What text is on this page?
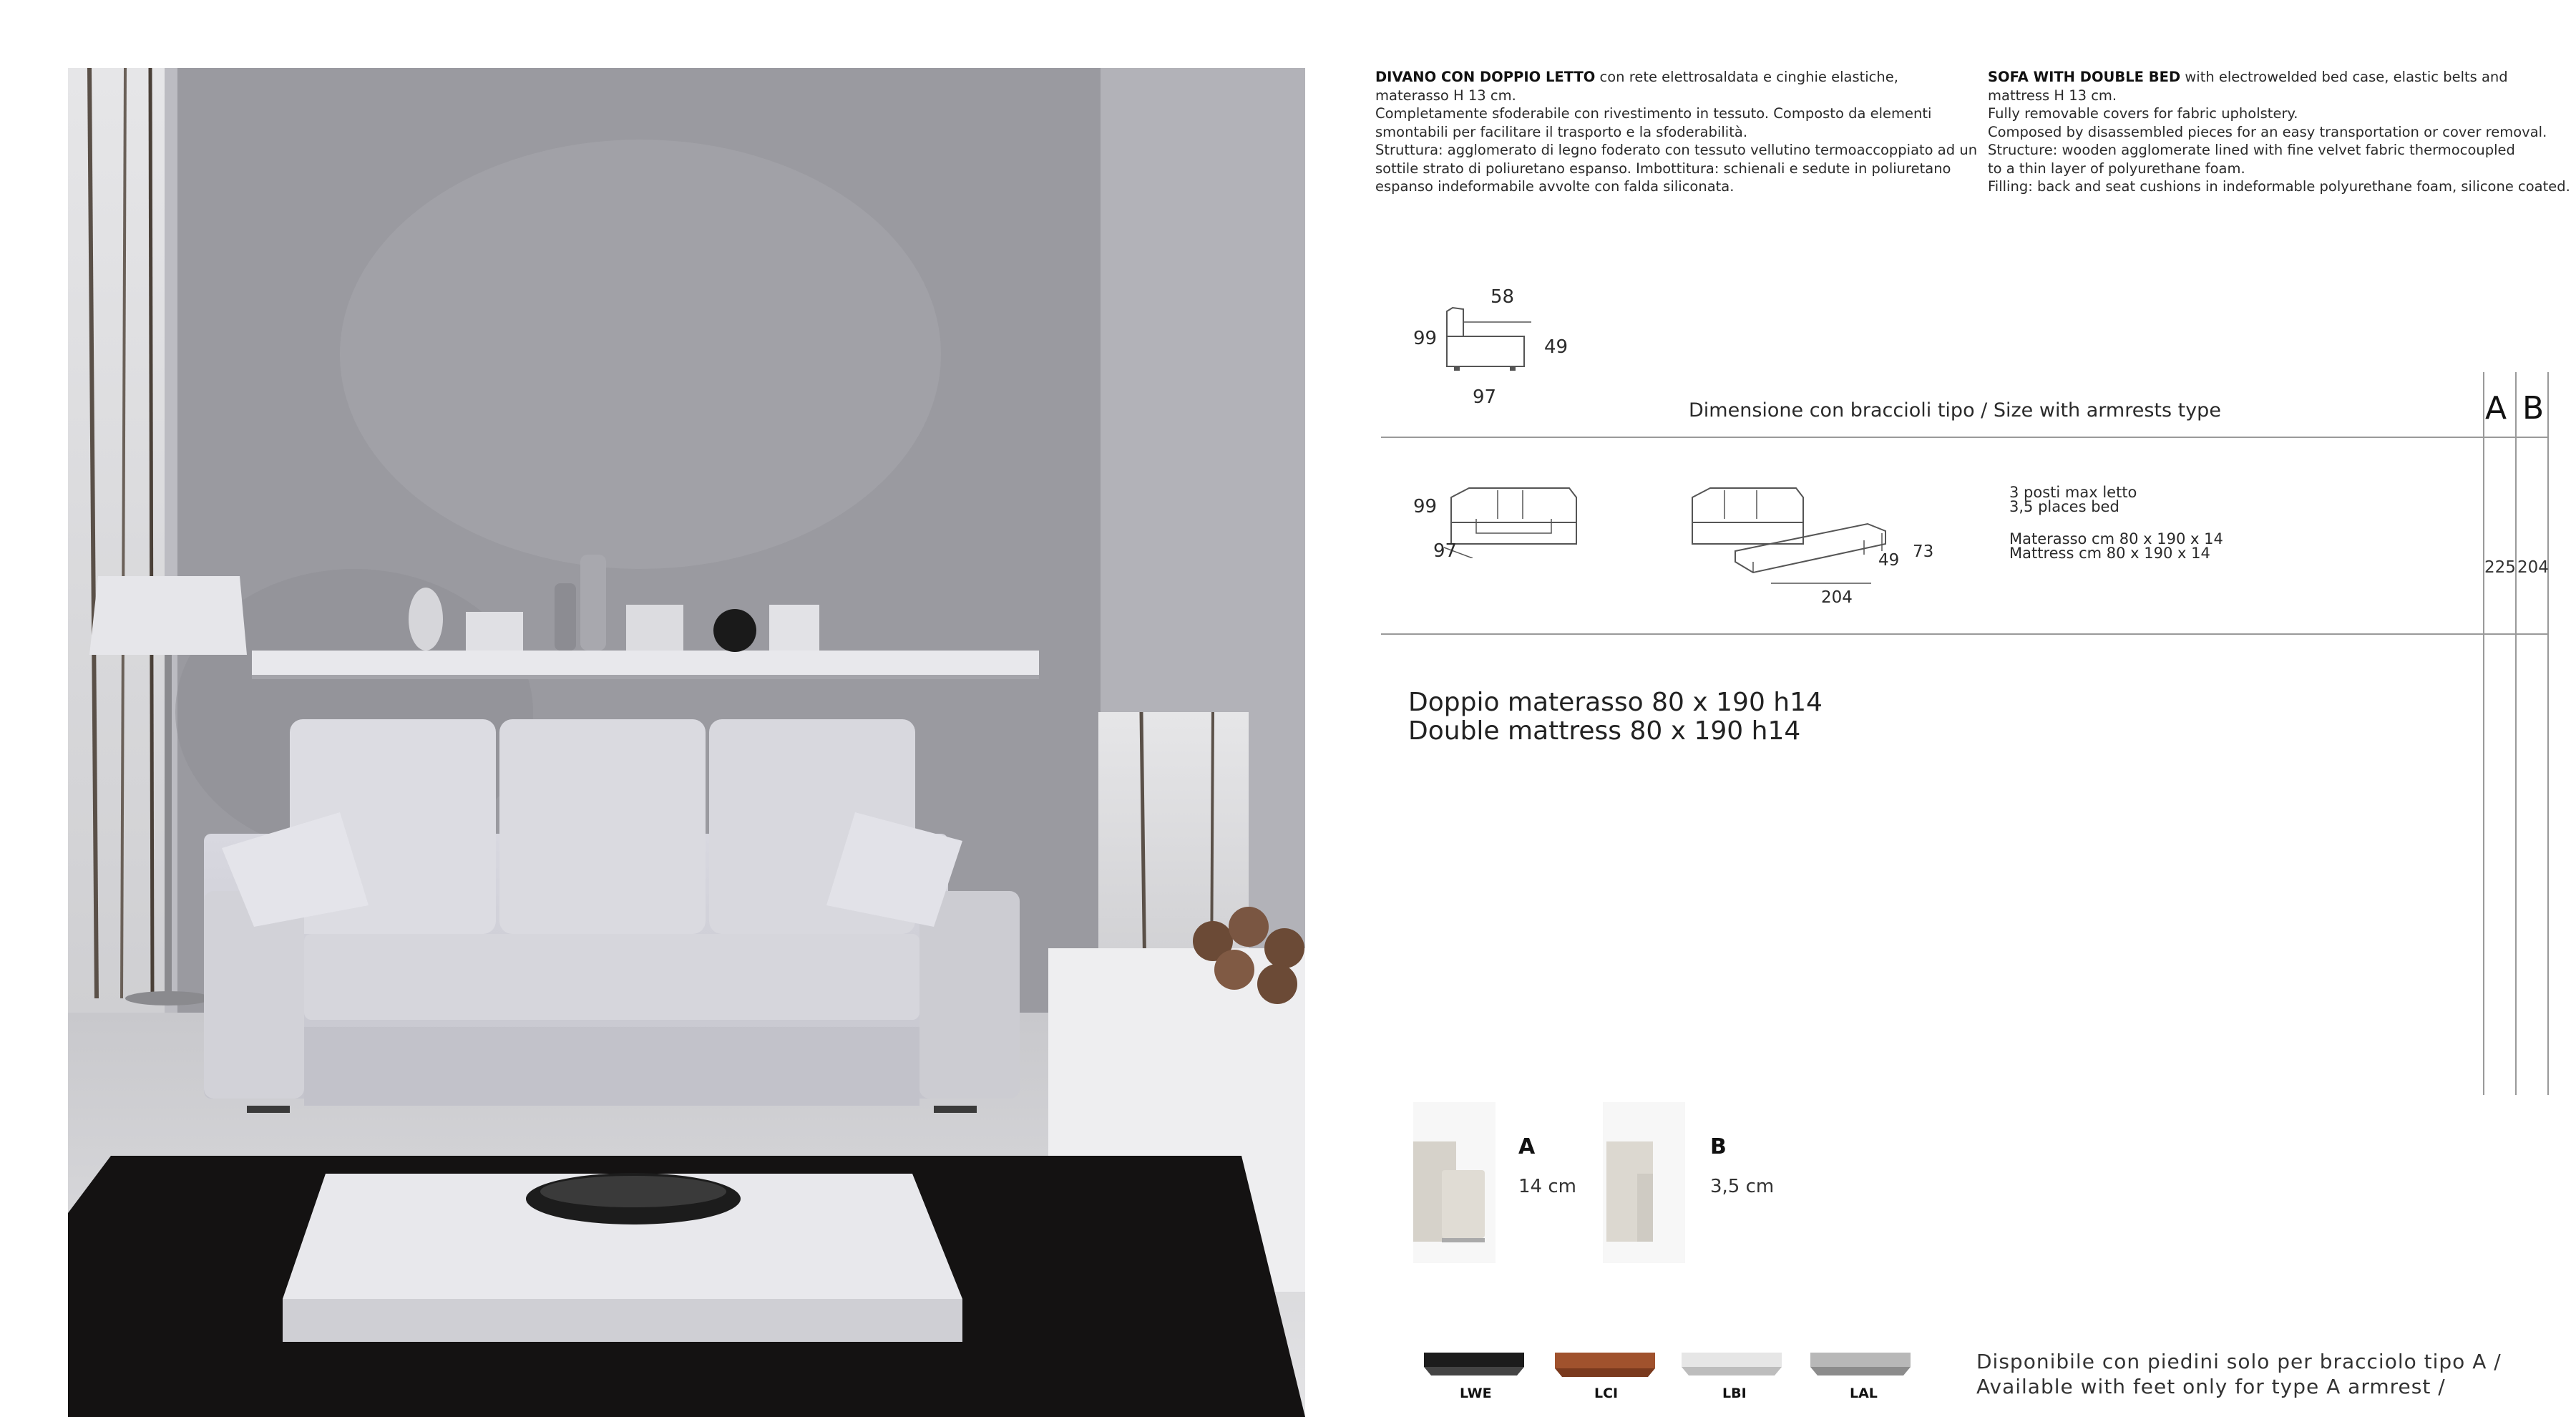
DIVANO CON DOPPIO LETTO con rete elettrosaldata e cinghie elastiche,
materasso H 13 cm.
Completamente sfoderabile con rivestimento in tessuto. Composto da elementi
smontabili per facilitare il trasporto e la sfoderabilità.
Struttura: agglomerato di legno foderato con tessuto vellutino termoaccoppiato ad un
sottile strato di poliuretano espanso. Imbottitura: schienali e sedute in poliuretano
espanso indeformabile avvolte con falda siliconata.
SOFA WITH DOUBLE BED with electrowelded bed case, elastic belts and
mattress H 13 cm.
Fully removable covers for fabric upholstery.
Composed by disassembled pieces for an easy transportation or cover removal.
Structure: wooden agglomerate lined with fine velvet fabric thermocoupled
to a thin layer of polyurethane foam.
Filling: back and seat cushions in indeformable polyurethane foam, silicone coated.
58
99	49
97
Dimensione con braccioli tipo / Size with armrests type	A B
99
97	49 73
204
3 posti max letto
3,5 places bed
Materasso cm 80 x 190 x 14
Mattress cm 80 x 190 x 14
225 204
Doppio materasso 80 x 190 h14
Double mattress 80 x 190 h14
A
14 cm
B
3,5 cm
LWE	LCI	LBI	LAL
Disponibile con piedini solo per bracciolo tipo A /
Available with feet only for type A armrest /
